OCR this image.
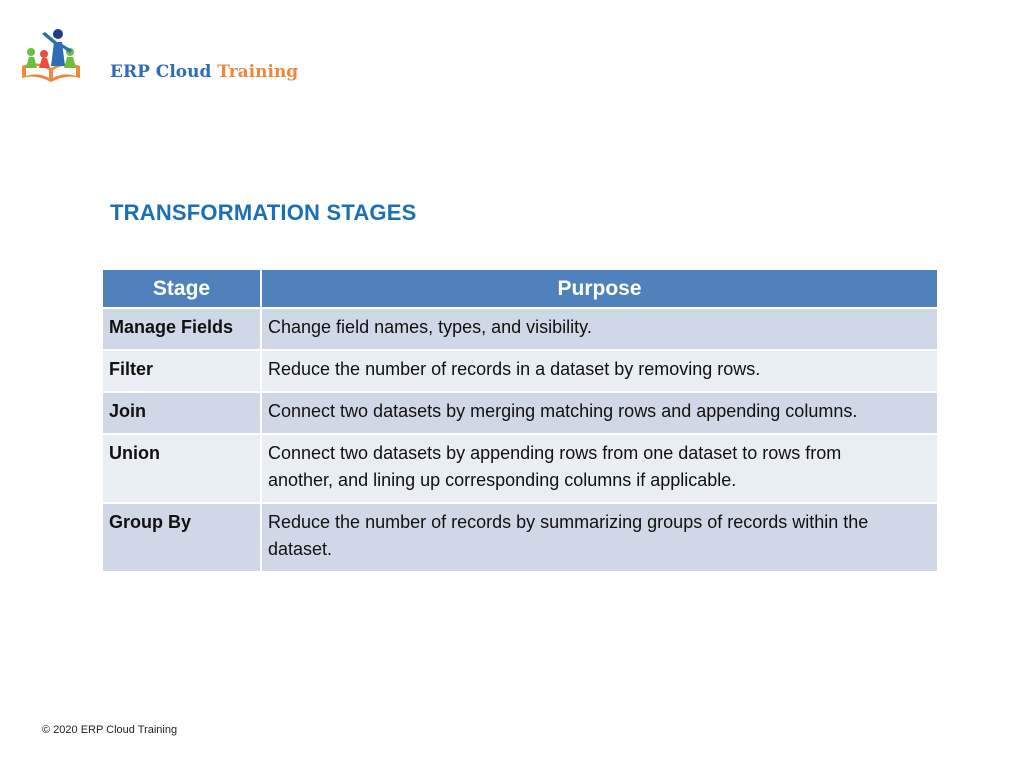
ERP Cloud Training
TRANSFORMATION STAGES
Stage	Purpose
Manage Fields	Change field names, types, and visibility.

Filter	Reduce the number of records in a dataset by removing rows.

Join	Connect two datasets by merging matching rows and appending columns.

Union	Connect two datasets by appending rows from one dataset to rows from
another, and lining up corresponding columns if applicable.

Group By	Reduce the number of records by summarizing groups of records within the dataset.
© 2020 ERP Cloud Training
